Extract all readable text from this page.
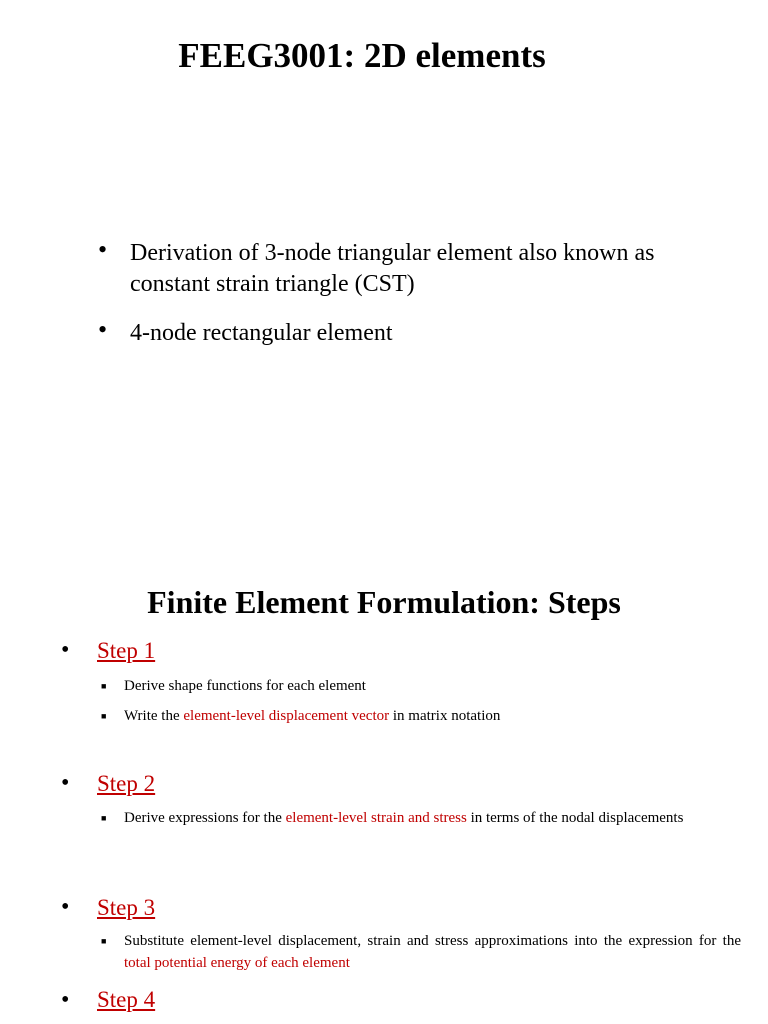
FEEG3001: 2D elements
• Derivation of 3-node triangular element also known as constant strain triangle (CST)
• 4-node rectangular element
Finite Element Formulation: Steps
• Step 1
■ Derive shape functions for each element
■ Write the element-level displacement vector in matrix notation
• Step 2
■ Derive expressions for the element-level strain and stress in terms of the nodal displacements
• Step 3
■ Substitute element-level displacement, strain and stress approximations into the expression for the total potential energy of each element
• Step 4
